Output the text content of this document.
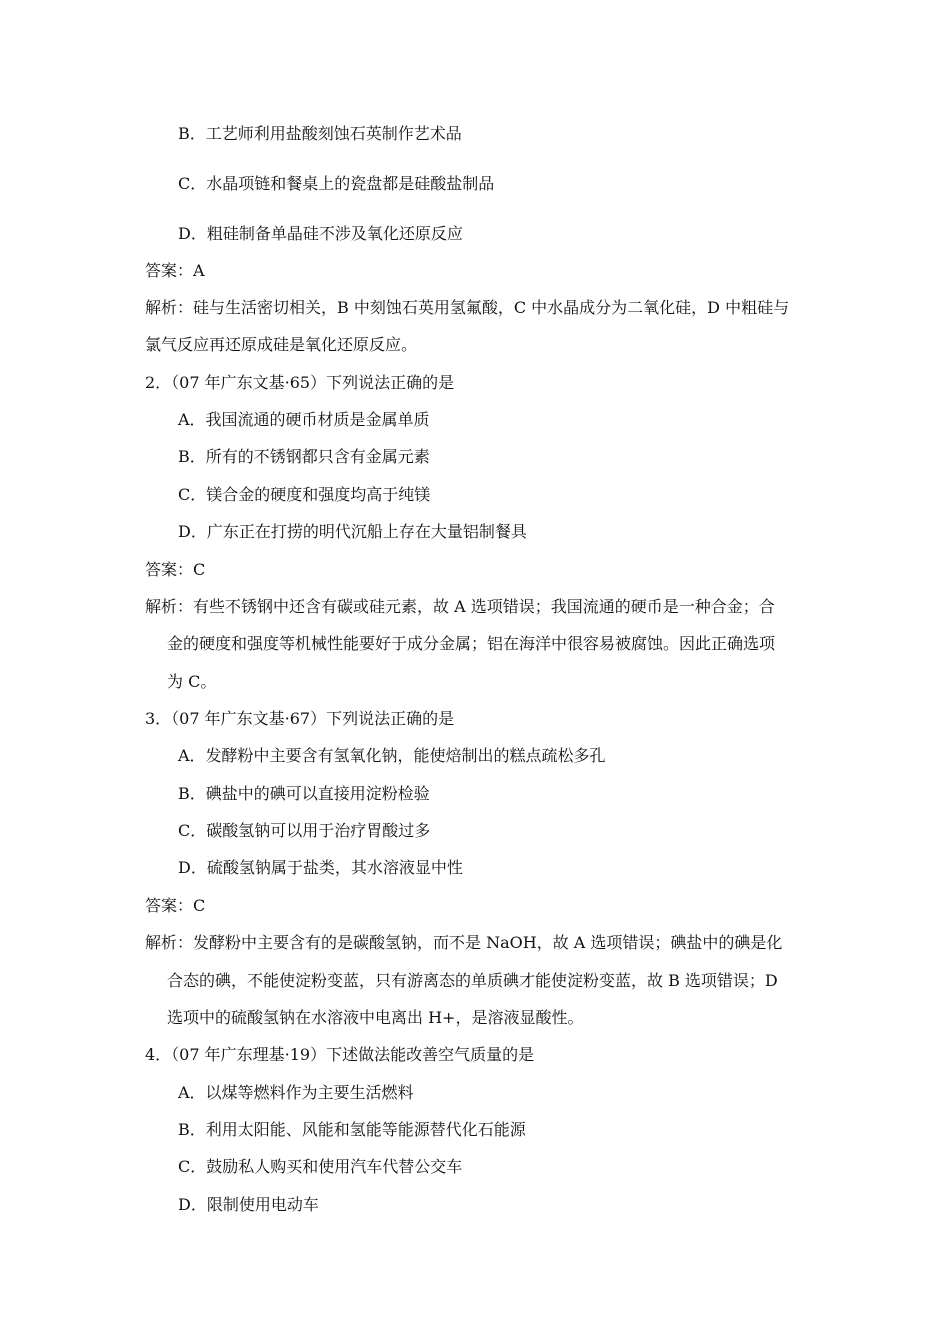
B．工艺师利用盐酸刻蚀石英制作艺术品
C．水晶项链和餐桌上的瓷盘都是硅酸盐制品
D．粗硅制备单晶硅不涉及氧化还原反应
答案：A
解析：硅与生活密切相关，B 中刻蚀石英用氢氟酸，C 中水晶成分为二氧化硅，D 中粗硅与
氯气反应再还原成硅是氧化还原反应。
2．（07 年广东文基·65）下列说法正确的是
A．我国流通的硬币材质是金属单质
B．所有的不锈钢都只含有金属元素
C．镁合金的硬度和强度均高于纯镁
D．广东正在打捞的明代沉船上存在大量铝制餐具
答案：C
解析：有些不锈钢中还含有碳或硅元素，故 A 选项错误；我国流通的硬币是一种合金；合
金的硬度和强度等机械性能要好于成分金属；铝在海洋中很容易被腐蚀。因此正确选项
为 C。
3．（07 年广东文基·67）下列说法正确的是
A．发酵粉中主要含有氢氧化钠，能使焙制出的糕点疏松多孔
B．碘盐中的碘可以直接用淀粉检验
C．碳酸氢钠可以用于治疗胃酸过多
D．硫酸氢钠属于盐类，其水溶液显中性
答案：C
解析：发酵粉中主要含有的是碳酸氢钠，而不是 NaOH，故 A 选项错误；碘盐中的碘是化
合态的碘，不能使淀粉变蓝，只有游离态的单质碘才能使淀粉变蓝，故 B 选项错误；D
选项中的硫酸氢钠在水溶液中电离出 H+，是溶液显酸性。
4．（07 年广东理基·19）下述做法能改善空气质量的是
A．以煤等燃料作为主要生活燃料
B．利用太阳能、风能和氢能等能源替代化石能源
C．鼓励私人购买和使用汽车代替公交车
D．限制使用电动车
